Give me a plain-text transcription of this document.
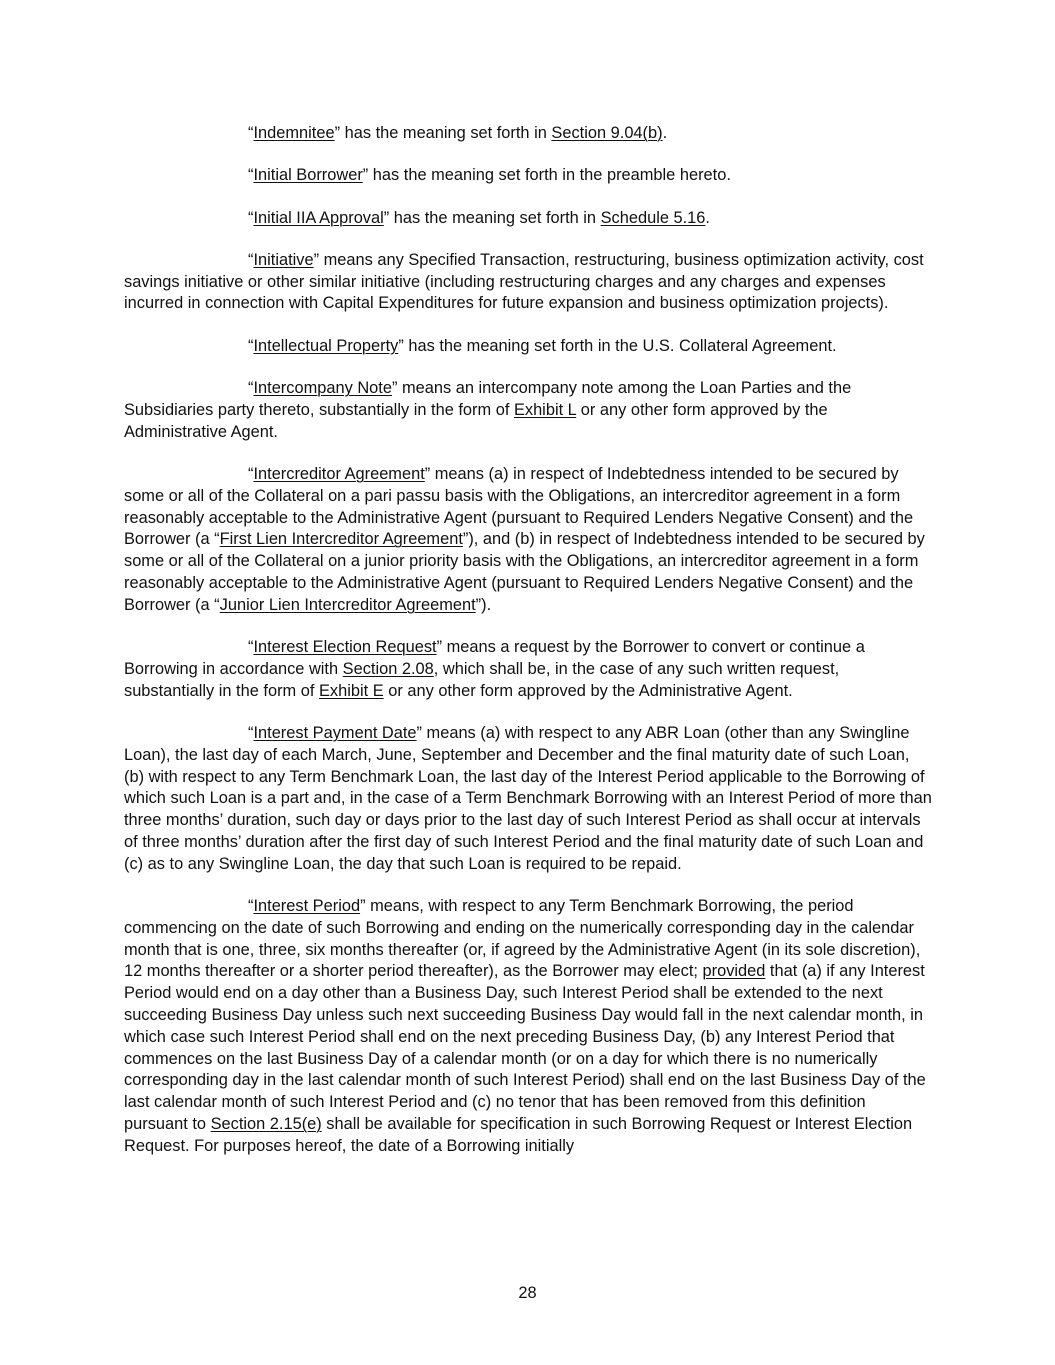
“Indemnitee” has the meaning set forth in Section 9.04(b).

“Initial Borrower” has the meaning set forth in the preamble hereto.

“Initial IIA Approval” has the meaning set forth in Schedule 5.16.

“Initiative” means any Specified Transaction, restructuring, business optimization activity, cost savings initiative or other similar initiative (including restructuring charges and any charges and expenses incurred in connection with Capital Expenditures for future expansion and business optimization projects).

“Intellectual Property” has the meaning set forth in the U.S. Collateral Agreement.

“Intercompany Note” means an intercompany note among the Loan Parties and the Subsidiaries party thereto, substantially in the form of Exhibit L or any other form approved by the Administrative Agent.

“Intercreditor Agreement” means (a) in respect of Indebtedness intended to be secured by some or all of the Collateral on a pari passu basis with the Obligations, an intercreditor agreement in a form reasonably acceptable to the Administrative Agent (pursuant to Required Lenders Negative Consent) and the Borrower (a “First Lien Intercreditor Agreement”), and (b) in respect of Indebtedness intended to be secured by some or all of the Collateral on a junior priority basis with the Obligations, an intercreditor agreement in a form reasonably acceptable to the Administrative Agent (pursuant to Required Lenders Negative Consent) and the Borrower (a “Junior Lien Intercreditor Agreement”).

“Interest Election Request” means a request by the Borrower to convert or continue a Borrowing in accordance with Section 2.08, which shall be, in the case of any such written request, substantially in the form of Exhibit E or any other form approved by the Administrative Agent.

“Interest Payment Date” means (a) with respect to any ABR Loan (other than any Swingline Loan), the last day of each March, June, September and December and the final maturity date of such Loan, (b) with respect to any Term Benchmark Loan, the last day of the Interest Period applicable to the Borrowing of which such Loan is a part and, in the case of a Term Benchmark Borrowing with an Interest Period of more than three months’ duration, such day or days prior to the last day of such Interest Period as shall occur at intervals of three months’ duration after the first day of such Interest Period and the final maturity date of such Loan and (c) as to any Swingline Loan, the day that such Loan is required to be repaid.

“Interest Period” means, with respect to any Term Benchmark Borrowing, the period commencing on the date of such Borrowing and ending on the numerically corresponding day in the calendar month that is one, three, six months thereafter (or, if agreed by the Administrative Agent (in its sole discretion), 12 months thereafter or a shorter period thereafter), as the Borrower may elect; provided that (a) if any Interest Period would end on a day other than a Business Day, such Interest Period shall be extended to the next succeeding Business Day unless such next succeeding Business Day would fall in the next calendar month, in which case such Interest Period shall end on the next preceding Business Day, (b) any Interest Period that commences on the last Business Day of a calendar month (or on a day for which there is no numerically corresponding day in the last calendar month of such Interest Period) shall end on the last Business Day of the last calendar month of such Interest Period and (c) no tenor that has been removed from this definition pursuant to Section 2.15(e) shall be available for specification in such Borrowing Request or Interest Election Request. For purposes hereof, the date of a Borrowing initially

28
